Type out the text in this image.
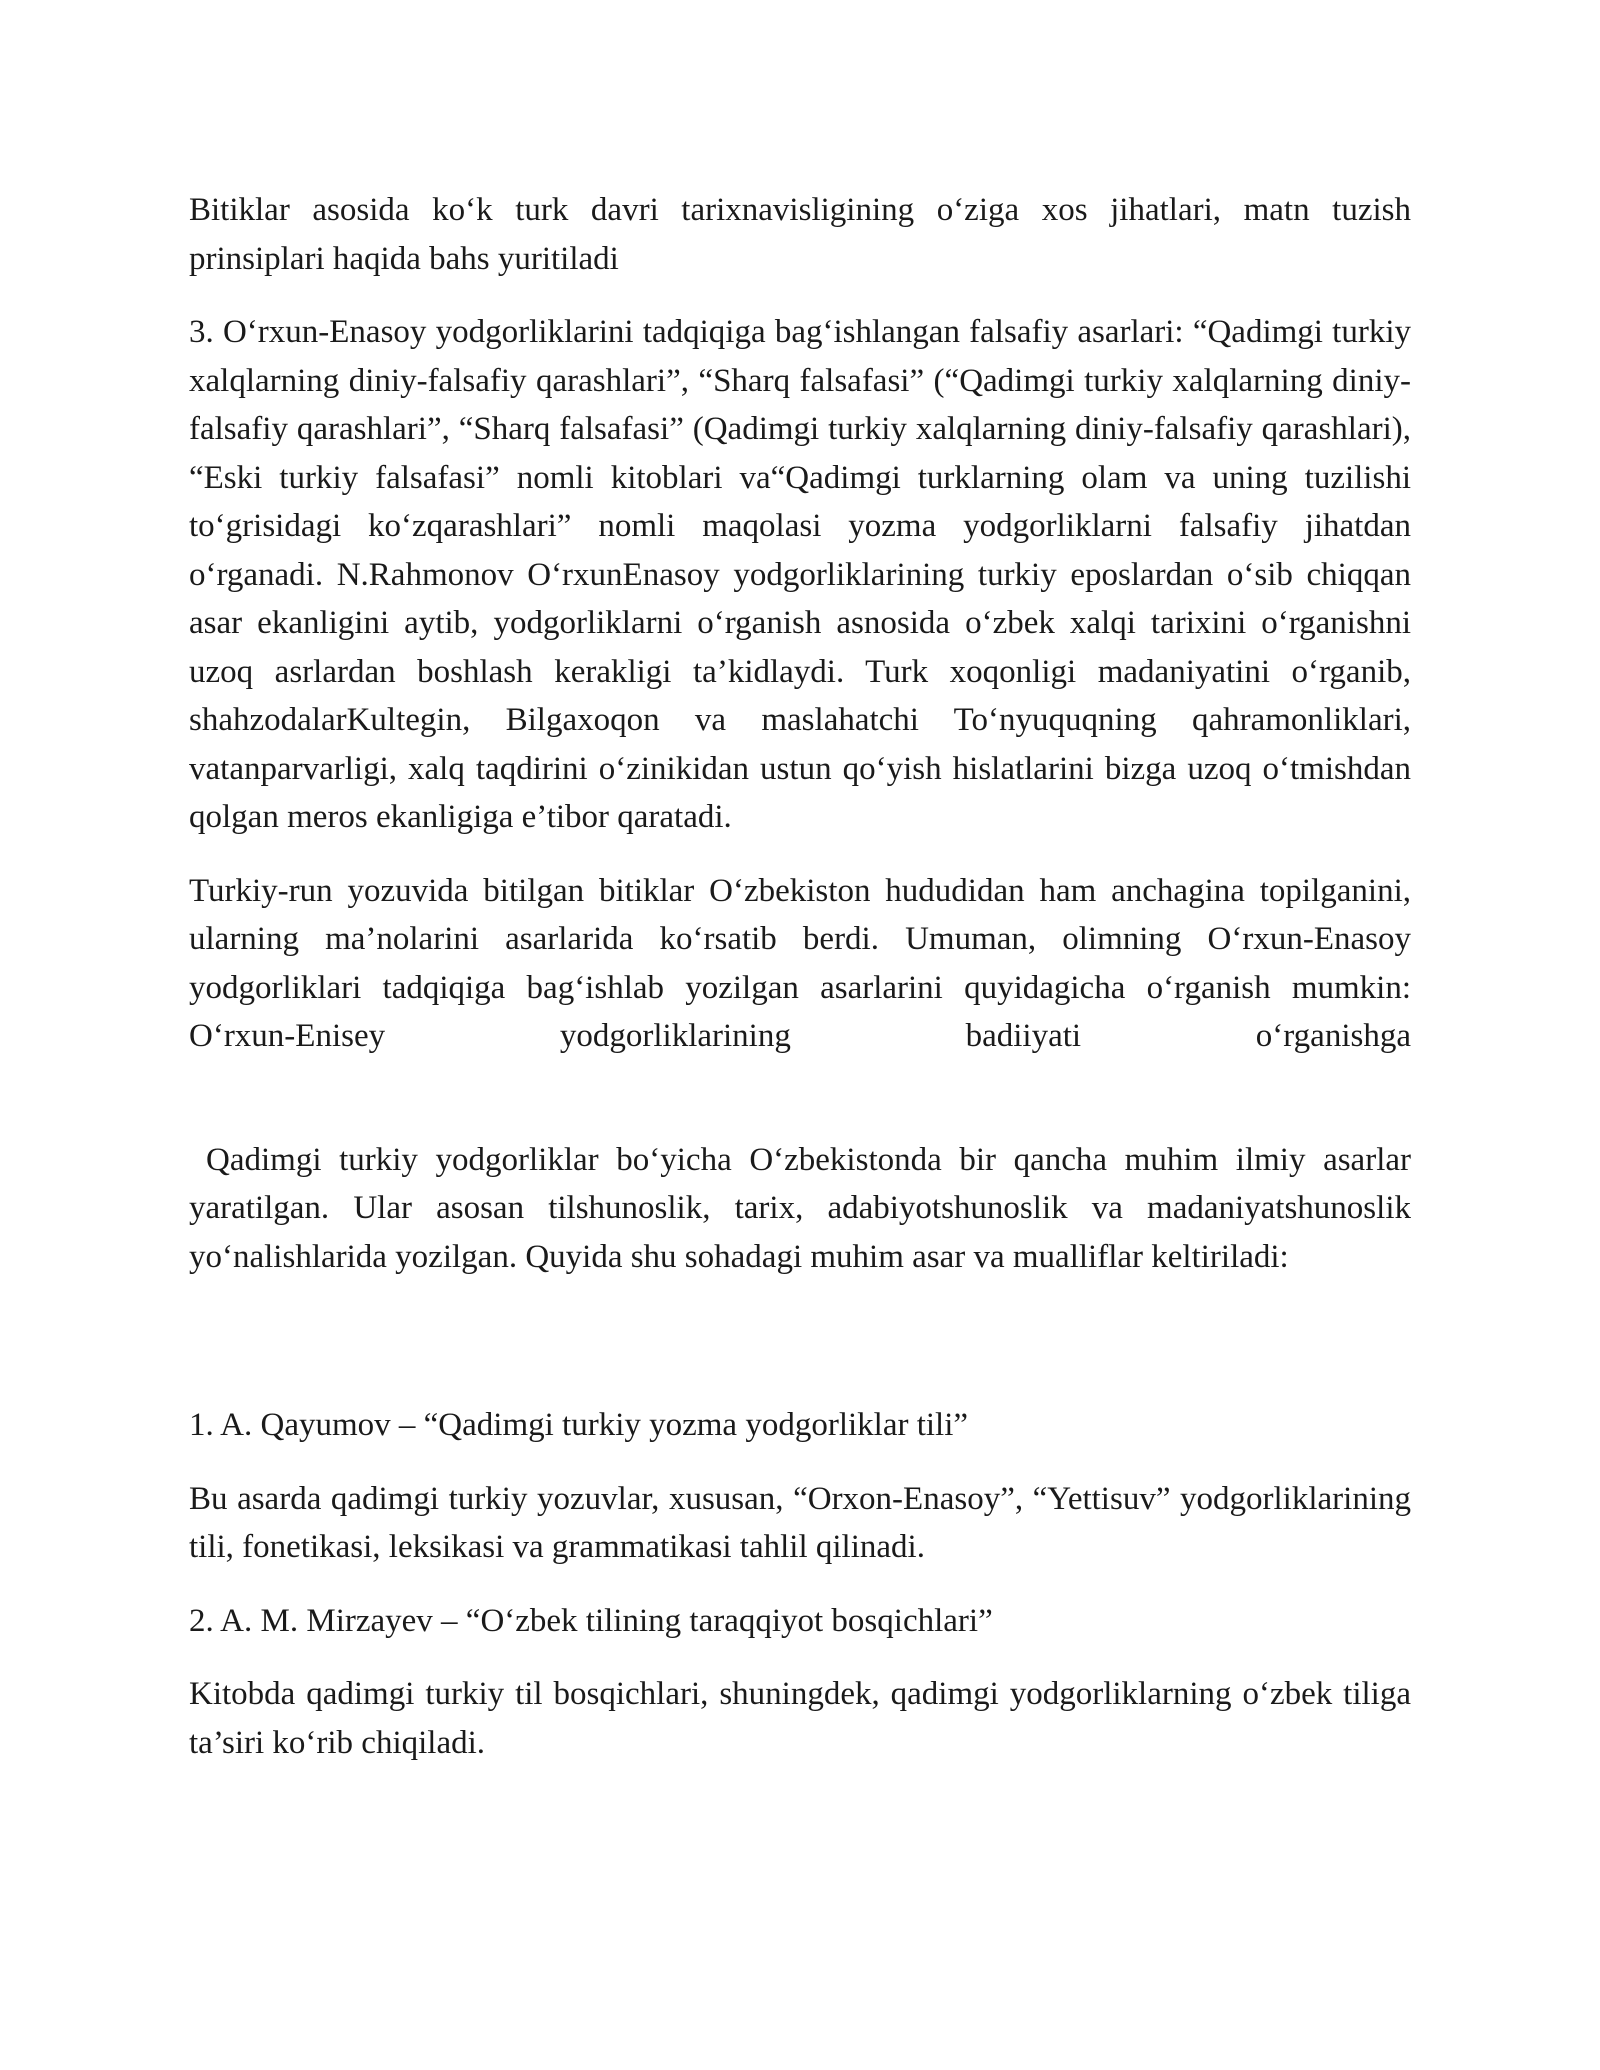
Bitiklar asosida ko‘k turk davri tarixnavisligining o‘ziga xos jihatlari, matn tuzish prinsiplari haqida bahs yuritiladi

3. O‘rxun-Enasoy yodgorliklarini tadqiqiga bag‘ishlangan falsafiy asarlari: “Qadimgi turkiy xalqlarning diniy-falsafiy qarashlari”, “Sharq falsafasi” (“Qadimgi turkiy xalqlarning diniy-falsafiy qarashlari”, “Sharq falsafasi” (Qadimgi turkiy xalqlarning diniy-falsafiy qarashlari), “Eski turkiy falsafasi” nomli kitoblari va“Qadimgi turklarning olam va uning tuzilishi to‘grisidagi ko‘zqarashlari” nomli maqolasi yozma yodgorliklarni falsafiy jihatdan o‘rganadi. N.Rahmonov O‘rxunEnasoy yodgorliklarining turkiy eposlardan o‘sib chiqqan asar ekanligini aytib, yodgorliklarni o‘rganish asnosida o‘zbek xalqi tarixini o‘rganishni uzoq asrlardan boshlash kerakligi ta’kidlaydi. Turk xoqonligi madaniyatini o‘rganib, shahzodalarKultegin, Bilgaxoqon va maslahatchi To‘nyuquqning qahramonliklari, vatanparvarligi, xalq taqdirini o‘zinikidan ustun qo‘yish hislatlarini bizga uzoq o‘tmishdan qolgan meros ekanligiga e’tibor qaratadi.

Turkiy-run yozuvida bitilgan bitiklar O‘zbekiston hududidan ham anchagina topilganini, ularning ma’nolarini asarlarida ko‘rsatib berdi. Umuman, olimning O‘rxun-Enasoy yodgorliklari tadqiqiga bag‘ishlab yozilgan asarlarini quyidagicha o‘rganish mumkin: O‘rxun-Enisey yodgorliklarining badiiyati o‘rganishga

Qadimgi turkiy yodgorliklar bo‘yicha O‘zbekistonda bir qancha muhim ilmiy asarlar yaratilgan. Ular asosan tilshunoslik, tarix, adabiyotshunoslik va madaniyatshunoslik yo‘nalishlarida yozilgan. Quyida shu sohadagi muhim asar va mualliflar keltiriladi:

1. A. Qayumov – “Qadimgi turkiy yozma yodgorliklar tili”

Bu asarda qadimgi turkiy yozuvlar, xususan, “Orxon-Enasoy”, “Yettisuv” yodgorliklarining tili, fonetikasi, leksikasi va grammatikasi tahlil qilinadi.

2. A. M. Mirzayev – “O‘zbek tilining taraqqiyot bosqichlari”

Kitobda qadimgi turkiy til bosqichlari, shuningdek, qadimgi yodgorliklarning o‘zbek tiliga ta’siri ko‘rib chiqiladi.
